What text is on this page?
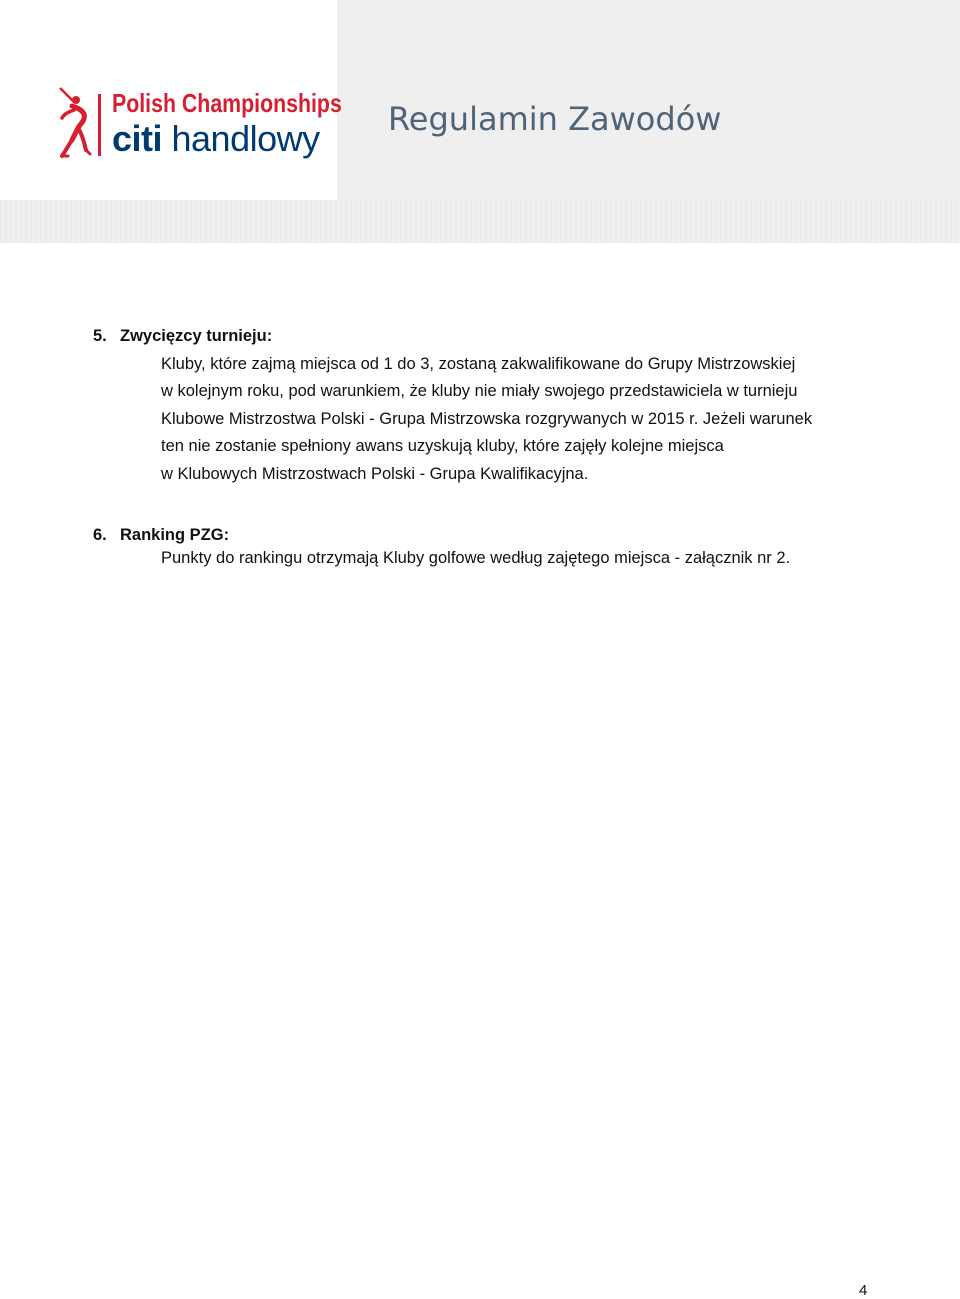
Polish Championships
citi handlowy Regulamin Zawodów
5. Zwycięzcy turnieju:
Kluby, które zajmą miejsca od 1 do 3, zostaną zakwalifikowane do Grupy Mistrzowskiej
w kolejnym roku, pod warunkiem, że kluby nie miały swojego przedstawiciela w turnieju
Klubowe Mistrzostwa Polski - Grupa Mistrzowska rozgrywanych w 2015 r. Jeżeli warunek
ten nie zostanie spełniony awans uzyskują kluby, które zajęły kolejne miejsca
w Klubowych Mistrzostwach Polski - Grupa Kwalifikacyjna.
6. Ranking PZG:
Punkty do rankingu otrzymają Kluby golfowe według zajętego miejsca - załącznik nr 2.
4
